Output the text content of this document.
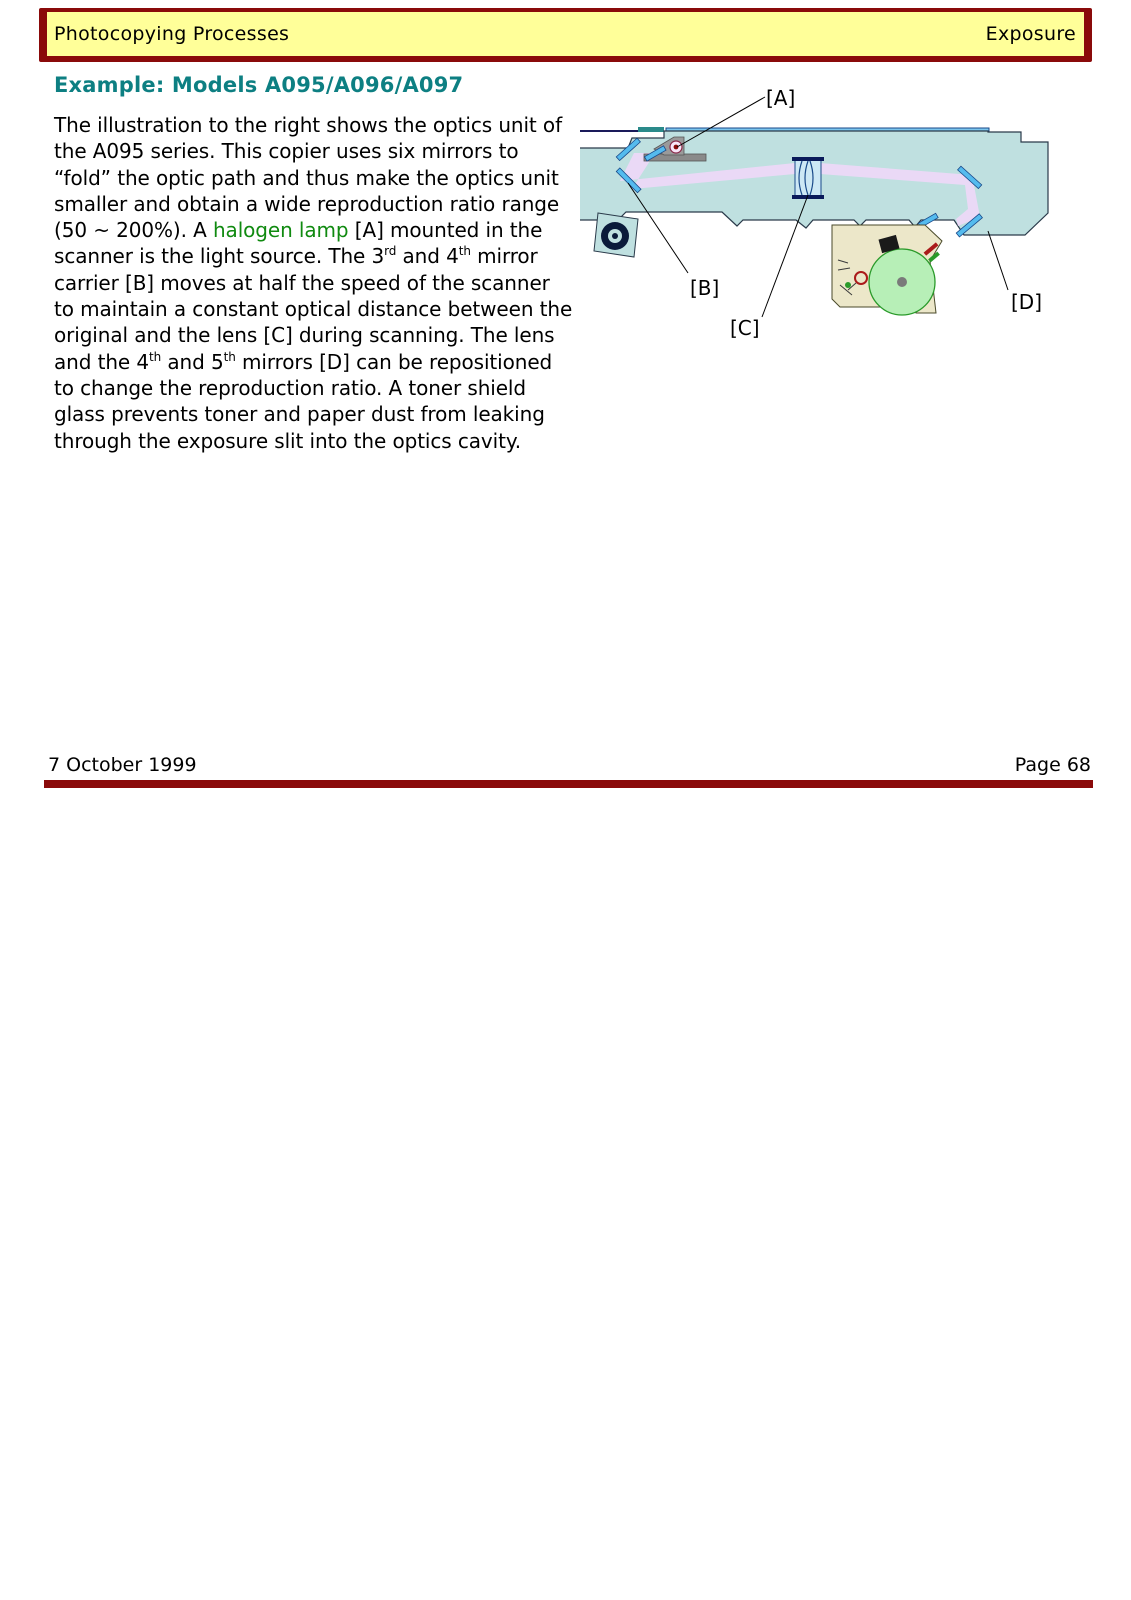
Photocopying Processes	Exposure
Example: Models A095/A096/A097

The illustration to the right shows the optics unit of the A095 series. This copier uses six mirrors to “fold” the optic path and thus make the optics unit smaller and obtain a wide reproduction ratio range (50 ~ 200%). A halogen lamp [A] mounted in the scanner is the light source. The 3rd and 4th mirror carrier [B] moves at half the speed of the scanner to maintain a constant optical distance between the original and the lens [C] during scanning. The lens and the 4th and 5th mirrors [D] can be repositioned to change the reproduction ratio. A toner shield glass prevents toner and paper dust from leaking through the exposure slit into the optics cavity.

[A]
[B]
[C]
[D]
7 October 1999	Page 68
